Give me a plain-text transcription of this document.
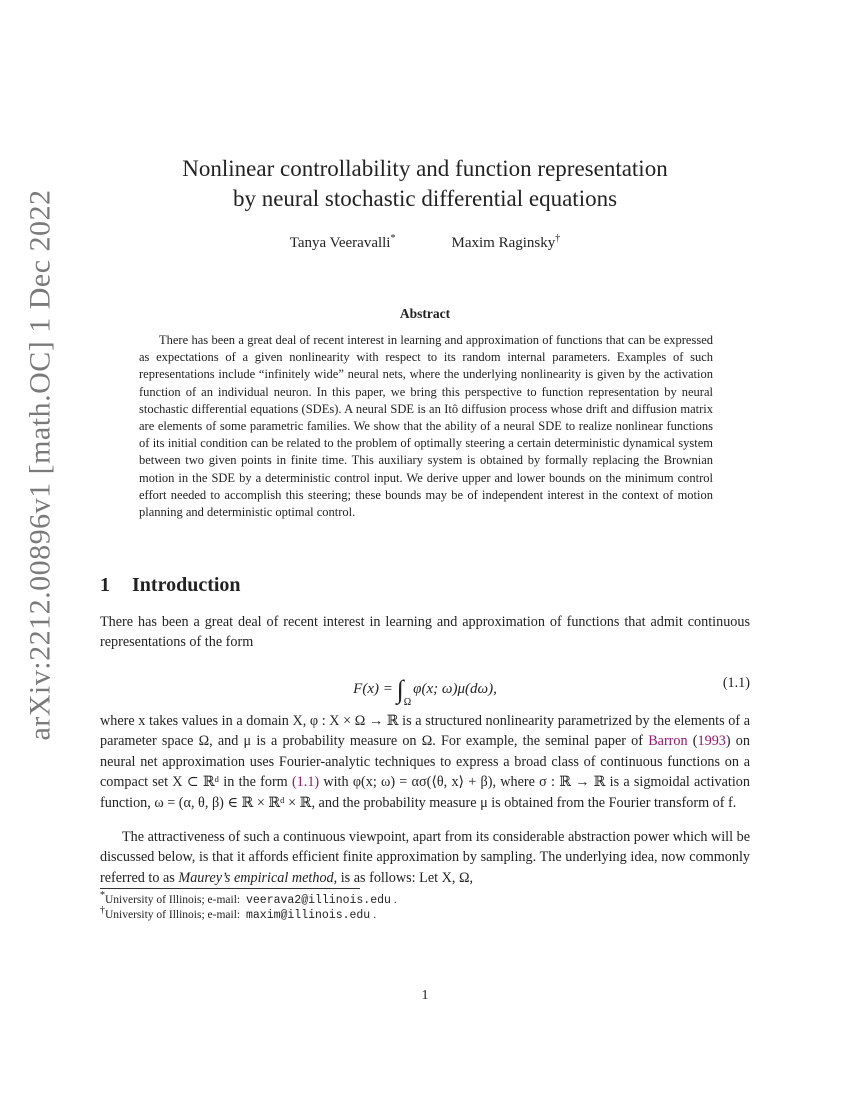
arXiv:2212.00896v1 [math.OC] 1 Dec 2022
Nonlinear controllability and function representation
by neural stochastic differential equations
Tanya Veeravalli*	Maxim Raginsky†
Abstract

There has been a great deal of recent interest in learning and approximation of functions that can be expressed as expectations of a given nonlinearity with respect to its random internal parameters. Examples of such representations include “infinitely wide” neural nets, where the underlying nonlinearity is given by the activation function of an individual neuron. In this paper, we bring this perspective to function representation by neural stochastic differential equations (SDEs). A neural SDE is an Itô diffusion process whose drift and diffusion matrix are elements of some parametric families. We show that the ability of a neural SDE to realize nonlinear functions of its initial condition can be related to the problem of optimally steering a certain deterministic dynamical system between two given points in finite time. This auxiliary system is obtained by formally replacing the Brownian motion in the SDE by a deterministic control input. We derive upper and lower bounds on the minimum control effort needed to accomplish this steering; these bounds may be of independent interest in the context of motion planning and deterministic optimal control.

1 Introduction

There has been a great deal of recent interest in learning and approximation of functions that admit continuous representations of the form

$F(x) = \int_\Omega\varphi(x$; ω)μ(dω),	(1.1)

where x takes values in a domain X, φ : X × Ω → ℝ is a structured nonlinearity parametrized by the elements of a parameter space Ω, and μ is a probability measure on Ω. For example, the seminal paper of Barron (1993) on neural net approximation uses Fourier-analytic techniques to express a broad class of continuous functions on a compact set X ⊂ ℝᵈ in the form (1.1) with φ(x; ω) = ασ(⟨θ, x⟩ + β), where σ : ℝ → ℝ is a sigmoidal activation function, ω = (α, θ, β) ∈ ℝ × ℝᵈ × ℝ, and the probability measure μ is obtained from the Fourier transform of f.

The attractiveness of such a continuous viewpoint, apart from its considerable abstraction power which will be discussed below, is that it affords efficient finite approximation by sampling. The underlying idea, now commonly referred to as Maurey’s empirical method, is as follows: Let X, Ω,

*University of Illinois; e-mail: veerava2@illinois.edu .
†University of Illinois; e-mail: maxim@illinois.edu .
1
